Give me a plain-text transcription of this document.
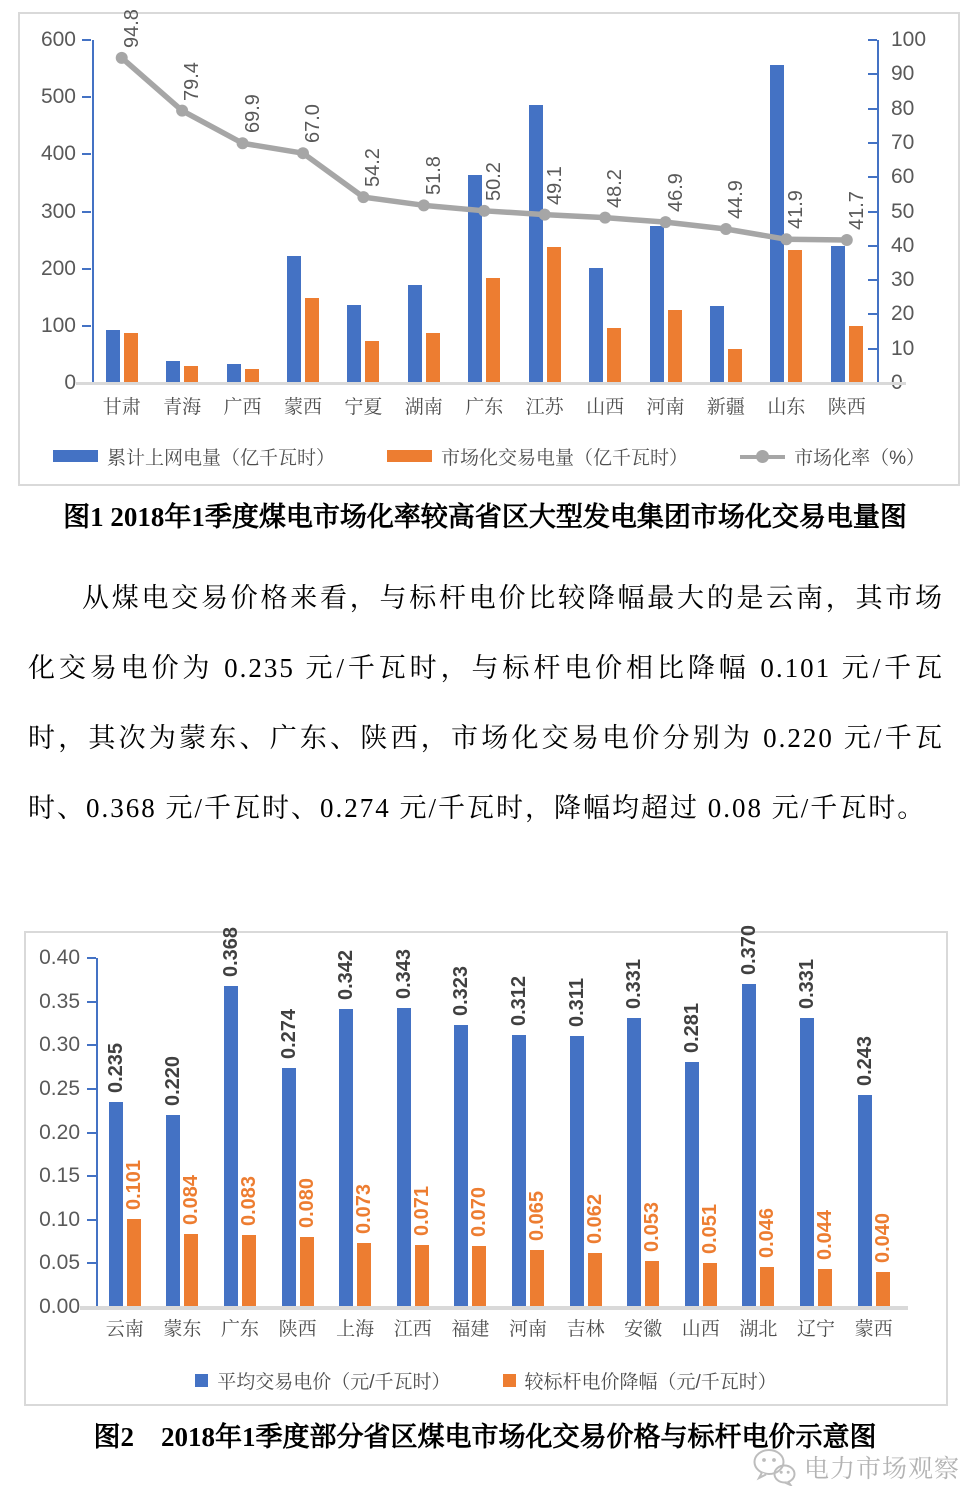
0
100
200
300
400
500
600
10
20
30
40
50
60
70
80
90
100
甘肃	青海	广西	蒙西	宁夏	湖南	广东	江苏	山西	河南	新疆	山东	陕西
94.8
79.4
69.9 67.0
54.2 51.8 50.2 49.1 48.2 46.9 44.9 41.9 41.7
累计上网电量（亿千瓦时）	市场化交易电量（亿千瓦时）	市场化率（%）
图1 2018年1季度煤电市场化率较高省区大型发电集团市场化交易电量图

从煤电交易价格来看，与标杆电价比较降幅最大的是云南，其市场化交易电价为 0.235 元/千瓦时，与标杆电价相比降幅 0.101 元/千瓦时，其次为蒙东、广东、陕西，市场化交易电价分别为 0.220 元/千瓦时、0.368 元/千瓦时、0.274 元/千瓦时，降幅均超过 0.08 元/千瓦时。

0.00
0.05
0.10
0.15
0.20
0.25
0.30
0.35
0.40
0.235
0.101
云南
0.220
0.084
蒙东
0.368
0.083
广东
0.274
0.080
陕西
0.342
0.073
上海
0.343
0.071
江西
0.323
0.070
福建
0.312
0.065
河南
0.311
0.062
吉林
0.331
0.053
安徽
0.281
0.051
山西
0.370
0.046
湖北
0.331
0.044
辽宁
0.243
0.040
蒙西
平均交易电价（元/千瓦时）	较标杆电价降幅（元/千瓦时）
图2　2018年1季度部分省区煤电市场化交易价格与标杆电价示意图
电力市场观察
